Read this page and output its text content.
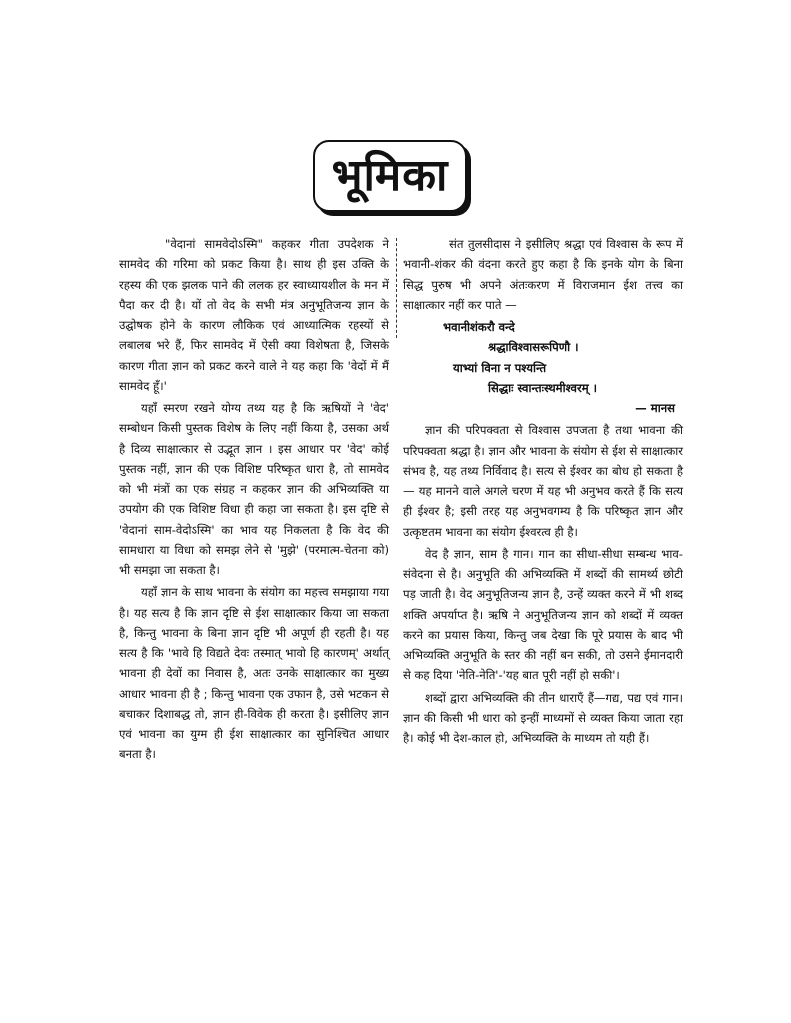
भूमिका

"वेदानां सामवेदोऽस्मि" कहकर गीता उपदेशक ने सामवेद की गरिमा को प्रकट किया है। साथ ही इस उक्ति के रहस्य की एक झलक पाने की ललक हर स्वाध्यायशील के मन में पैदा कर दी है। यों तो वेद के सभी मंत्र अनुभूतिजन्य ज्ञान के उद्घोषक होने के कारण लौकिक एवं आध्यात्मिक रहस्यों से लबालब भरे हैं, फिर सामवेद में ऐसी क्या विशेषता है, जिसके कारण गीता ज्ञान को प्रकट करने वाले ने यह कहा कि 'वेदों में मैं सामवेद हूँ।'

यहाँ स्मरण रखने योग्य तथ्य यह है कि ऋषियों ने 'वेद' सम्बोधन किसी पुस्तक विशेष के लिए नहीं किया है, उसका अर्थ है दिव्य साक्षात्कार से उद्भूत ज्ञान । इस आधार पर 'वेद' कोई पुस्तक नहीं, ज्ञान की एक विशिष्ट परिष्कृत धारा है, तो सामवेद को भी मंत्रों का एक संग्रह न कहकर ज्ञान की अभिव्यक्ति या उपयोग की एक विशिष्ट विधा ही कहा जा सकता है। इस दृष्टि से 'वेदानां साम-वेदोऽस्मि' का भाव यह निकलता है कि वेद की सामधारा या विधा को समझ लेने से 'मुझे' (परमात्म-चेतना को) भी समझा जा सकता है।

यहाँ ज्ञान के साथ भावना के संयोग का महत्त्व समझाया गया है। यह सत्य है कि ज्ञान दृष्टि से ईश साक्षात्कार किया जा सकता है, किन्तु भावना के बिना ज्ञान दृष्टि भी अपूर्ण ही रहती है। यह सत्य है कि 'भावे हि विद्यते देवः तस्मात् भावो हि कारणम्' अर्थात् भावना ही देवों का निवास है, अतः उनके साक्षात्कार का मुख्य आधार भावना ही है ; किन्तु भावना एक उफान है, उसे भटकन से बचाकर दिशाबद्ध तो, ज्ञान ही-विवेक ही करता है। इसीलिए ज्ञान एवं भावना का युग्म ही ईश साक्षात्कार का सुनिश्चित आधार बनता है।

संत तुलसीदास ने इसीलिए श्रद्धा एवं विश्वास के रूप में भवानी-शंकर की वंदना करते हुए कहा है कि इनके योग के बिना सिद्ध पुरुष भी अपने अंतःकरण में विराजमान ईश तत्त्व का साक्षात्कार नहीं कर पाते —

भवानीशंकरौ वन्दे
श्रद्धाविश्वासरूपिणौ ।
याभ्यां विना न पश्यन्ति
सिद्धाः स्वान्तःस्थमीश्वरम् ।

— मानस

ज्ञान की परिपक्वता से विश्वास उपजता है तथा भावना की परिपक्वता श्रद्धा है। ज्ञान और भावना के संयोग से ईश से साक्षात्कार संभव है, यह तथ्य निर्विवाद है। सत्य से ईश्वर का बोध हो सकता है— यह मानने वाले अगले चरण में यह भी अनुभव करते हैं कि सत्य ही ईश्वर है; इसी तरह यह अनुभवगम्य है कि परिष्कृत ज्ञान और उत्कृष्टतम भावना का संयोग ईश्वरत्व ही है।

वेद है ज्ञान, साम है गान। गान का सीधा-सीधा सम्बन्ध भाव-संवेदना से है। अनुभूति की अभिव्यक्ति में शब्दों की सामर्थ्य छोटी पड़ जाती है। वेद अनुभूतिजन्य ज्ञान है, उन्हें व्यक्त करने में भी शब्द शक्ति अपर्याप्त है। ऋषि ने अनुभूतिजन्य ज्ञान को शब्दों में व्यक्त करने का प्रयास किया, किन्तु जब देखा कि पूरे प्रयास के बाद भी अभिव्यक्ति अनुभूति के स्तर की नहीं बन सकी, तो उसने ईमानदारी से कह दिया 'नेति-नेति'-'यह बात पूरी नहीं हो सकी'।

शब्दों द्वारा अभिव्यक्ति की तीन धाराएँ हैं—गद्य, पद्य एवं गान। ज्ञान की किसी भी धारा को इन्हीं माध्यमों से व्यक्त किया जाता रहा है। कोई भी देश-काल हो, अभिव्यक्ति के माध्यम तो यही हैं।
